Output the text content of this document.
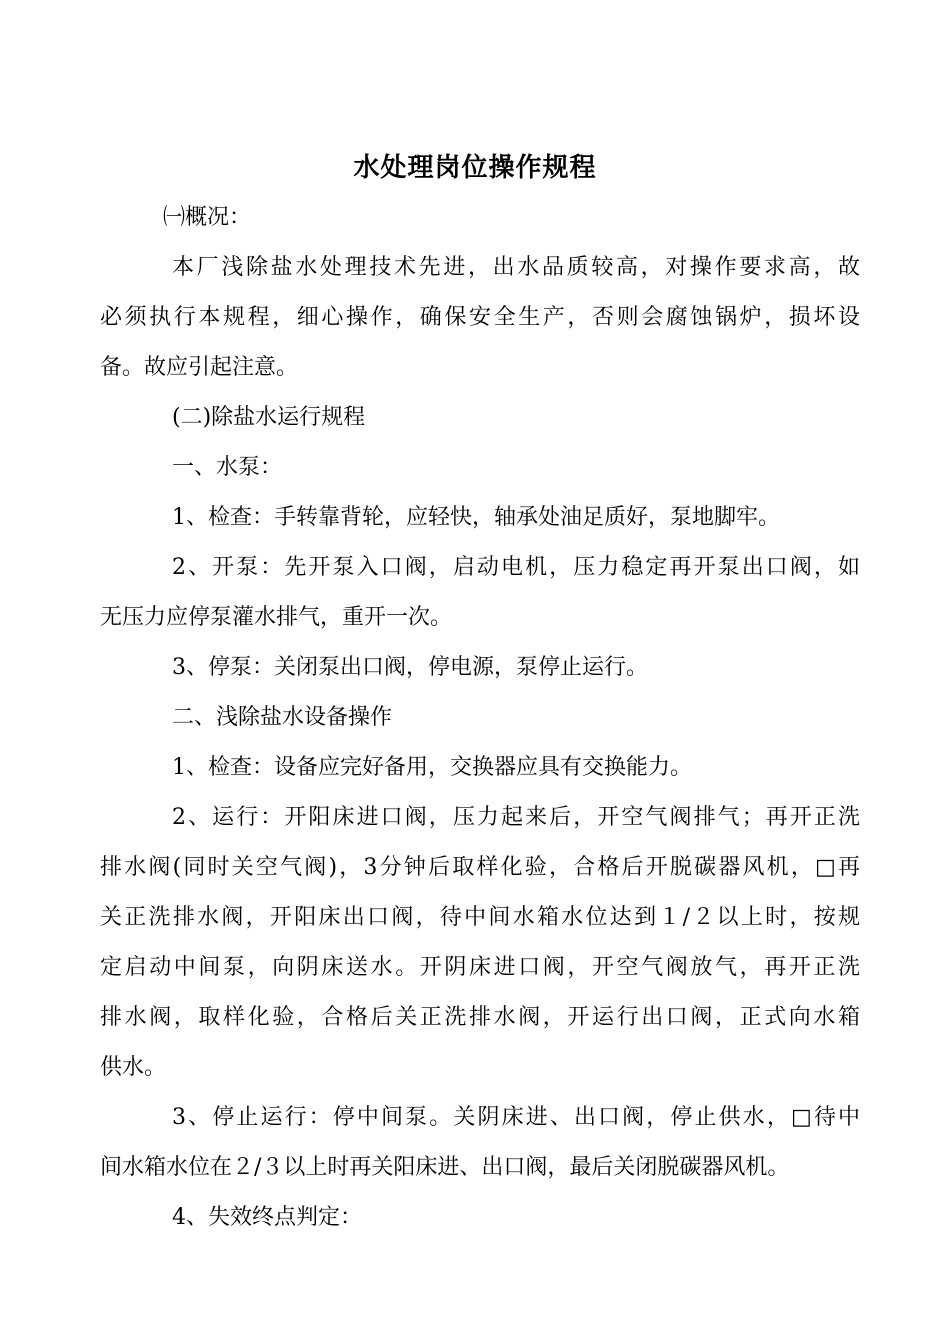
水处理岗位操作规程
㈠概况：
本厂浅除盐水处理技术先进，出水品质较高，对操作要求高，故
必须执行本规程，细心操作，确保安全生产，否则会腐蚀锅炉，损坏设
备。故应引起注意。
(二)除盐水运行规程
一、水泵：
1、检查：手转靠背轮，应轻快，轴承处油足质好，泵地脚牢。
2、开泵：先开泵入口阀，启动电机，压力稳定再开泵出口阀，如
无压力应停泵灌水排气，重开一次。
3、停泵：关闭泵出口阀，停电源，泵停止运行。
二、浅除盐水设备操作
1、检查：设备应完好备用，交换器应具有交换能力。
2、运行：开阳床进口阀，压力起来后，开空气阀排气；再开正洗
排水阀(同时关空气阀)，3分钟后取样化验，合格后开脱碳器风机，□再
关正洗排水阀，开阳床出口阀，待中间水箱水位达到１/２以上时，按规
定启动中间泵，向阴床送水。开阴床进口阀，开空气阀放气，再开正洗
排水阀，取样化验，合格后关正洗排水阀，开运行出口阀，正式向水箱
供水。
3、停止运行：停中间泵。关阴床进、出口阀，停止供水，□待中
间水箱水位在２/３以上时再关阳床进、出口阀，最后关闭脱碳器风机。
4、失效终点判定：
